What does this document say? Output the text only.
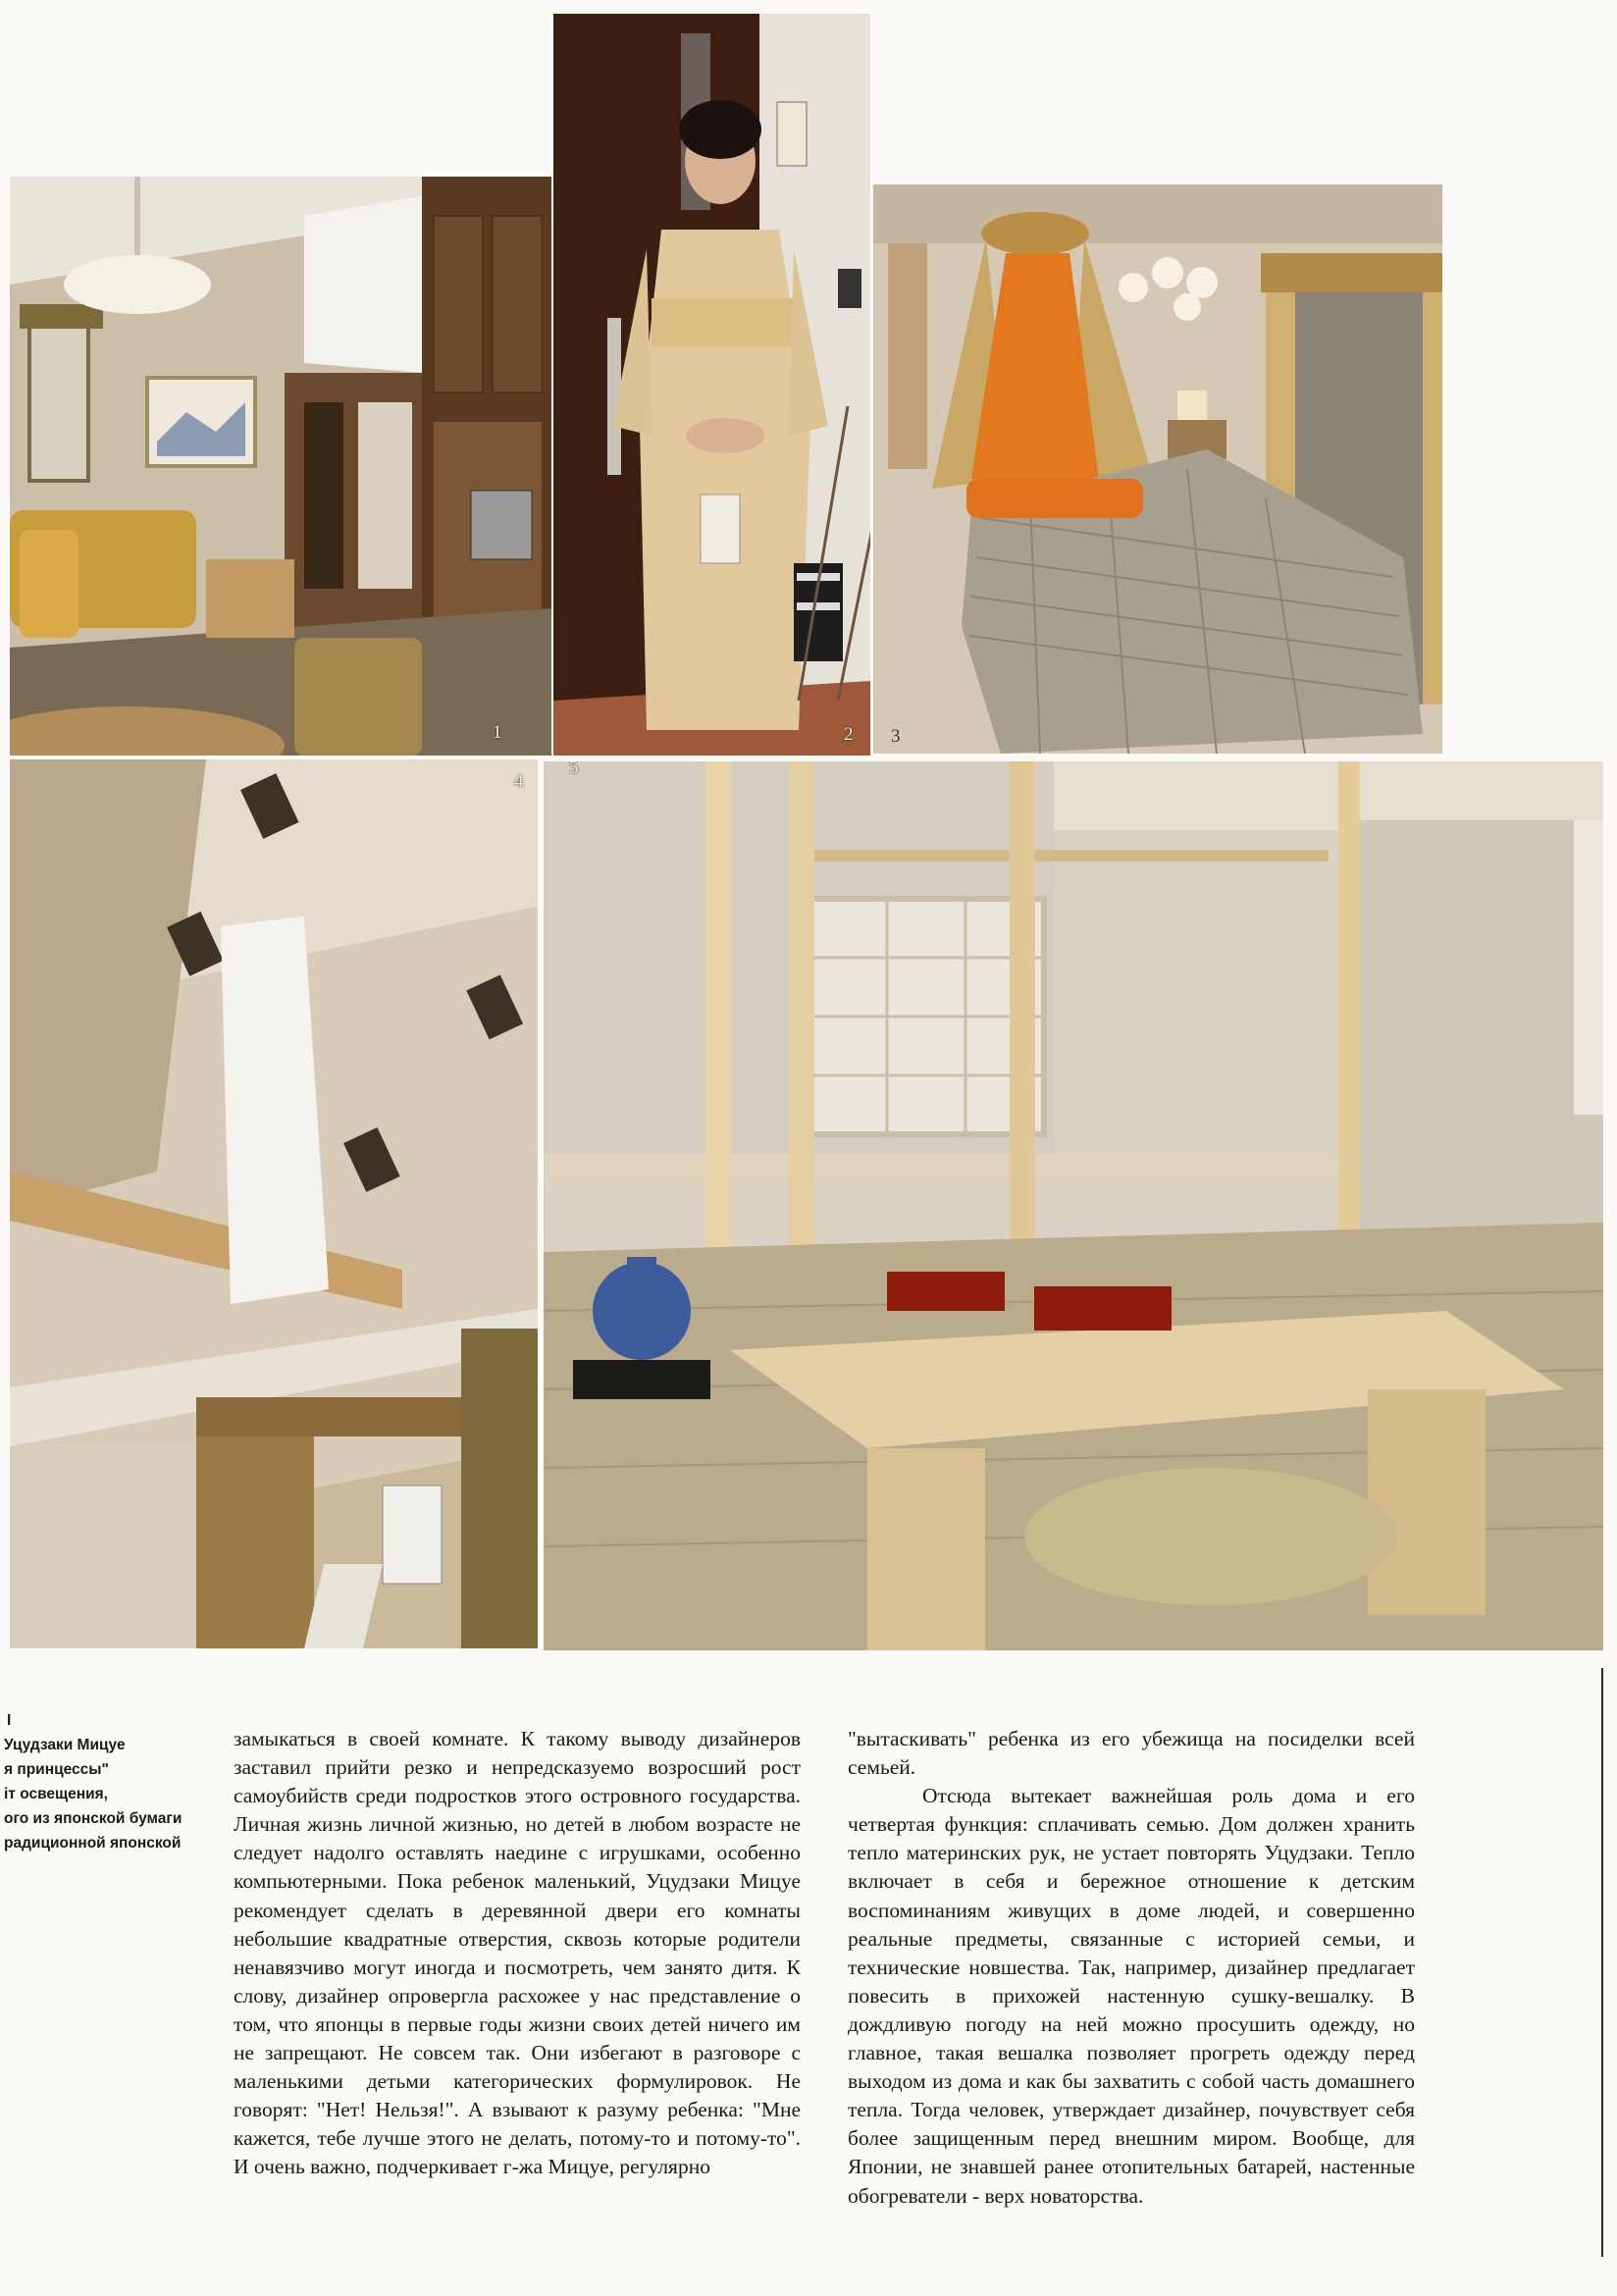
1	2 3
4
5
I
Уцудзаки Мицуе
я принцессы"
іт освещения,
ого из японской бумаги
радиционной японской

замыкаться в своей комнате. К такому выводу дизайнеров заставил прийти резко и непредсказуемо возросший рост самоубийств среди подростков этого островного государства. Личная жизнь личной жизнью, но детей в любом возрасте не следует надолго оставлять наедине с игрушками, особенно компьютерными. Пока ребенок маленький, Уцудзаки Мицуе рекомендует сделать в деревянной двери его комнаты небольшие квадратные отверстия, сквозь которые родители ненавязчиво могут иногда и посмотреть, чем занято дитя. К слову, дизайнер опровергла расхожее у нас представление о том, что японцы в первые годы жизни своих детей ничего им не запрещают. Не совсем так. Они избегают в разговоре с маленькими детьми категорических формулировок. Не говорят: "Нет! Нельзя!". А взывают к разуму ребенка: "Мне кажется, тебе лучше этого не делать, потому-то и потому-то". И очень важно, подчеркивает г-жа Мицуе, регулярно

"вытаскивать" ребенка из его убежища на посиделки всей семьей.

Отсюда вытекает важнейшая роль дома и его четвертая функция: сплачивать семью. Дом должен хранить тепло материнских рук, не устает повторять Уцудзаки. Тепло включает в себя и бережное отношение к детским воспоминаниям живущих в доме людей, и совершенно реальные предметы, связанные с историей семьи, и технические новшества. Так, например, дизайнер предлагает повесить в прихожей настенную сушку-вешалку. В дождливую погоду на ней можно просушить одежду, но главное, такая вешалка позволяет прогреть одежду перед выходом из дома и как бы захватить с собой часть домашнего тепла. Тогда человек, утверждает дизайнер, почувствует себя более защищенным перед внешним миром. Вообще, для Японии, не знавшей ранее отопительных батарей, настенные обогреватели - верх новаторства.
